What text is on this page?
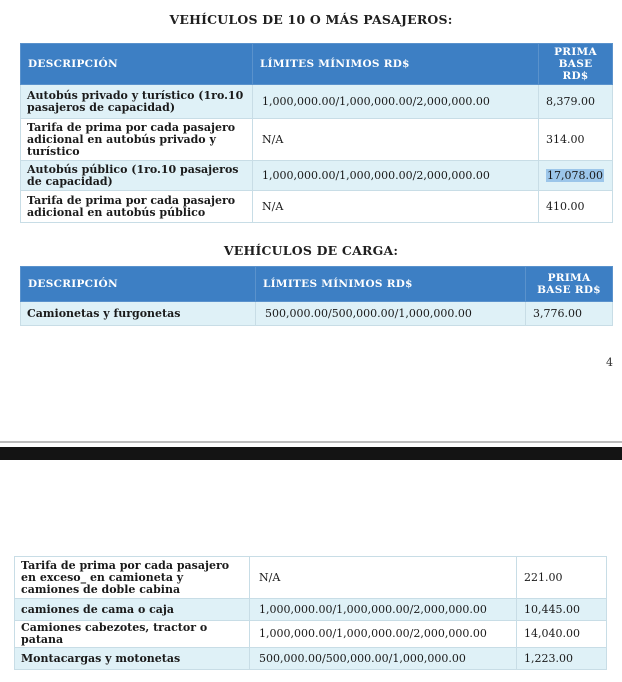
VEHÍCULOS DE 10 O MÁS PASAJEROS:
DESCRIPCIÓN	LÍMITES MÍNIMOS RD$	PRIMA
BASE RD$
Autobús privado y turístico (1ro.10 pasajeros de capacidad)	1,000,000.00/1,000,000.00/2,000,000.00	8,379.00
Tarifa de prima por cada pasajero adicional en autobús privado y turístico	N/A	314.00
Autobús público (1ro.10 pasajeros de capacidad)	1,000,000.00/1,000,000.00/2,000,000.00	17,078.00
Tarifa de prima por cada pasajero adicional en autobús público	N/A	410.00
VEHÍCULOS DE CARGA:
DESCRIPCIÓN	LÍMITES MÍNIMOS RD$	PRIMA
BASE RD$
Camionetas y furgonetas	500,000.00/500,000.00/1,000,000.00	3,776.00
4
Tarifa de prima por cada pasajero en exceso_ en camioneta y camiones de doble cabina	N/A	221.00
camiones de cama o caja	1,000,000.00/1,000,000.00/2,000,000.00	10,445.00
Camiones cabezotes, tractor o patana	1,000,000.00/1,000,000.00/2,000,000.00	14,040.00
Montacargas y motonetas	500,000.00/500,000.00/1,000,000.00	1,223.00
